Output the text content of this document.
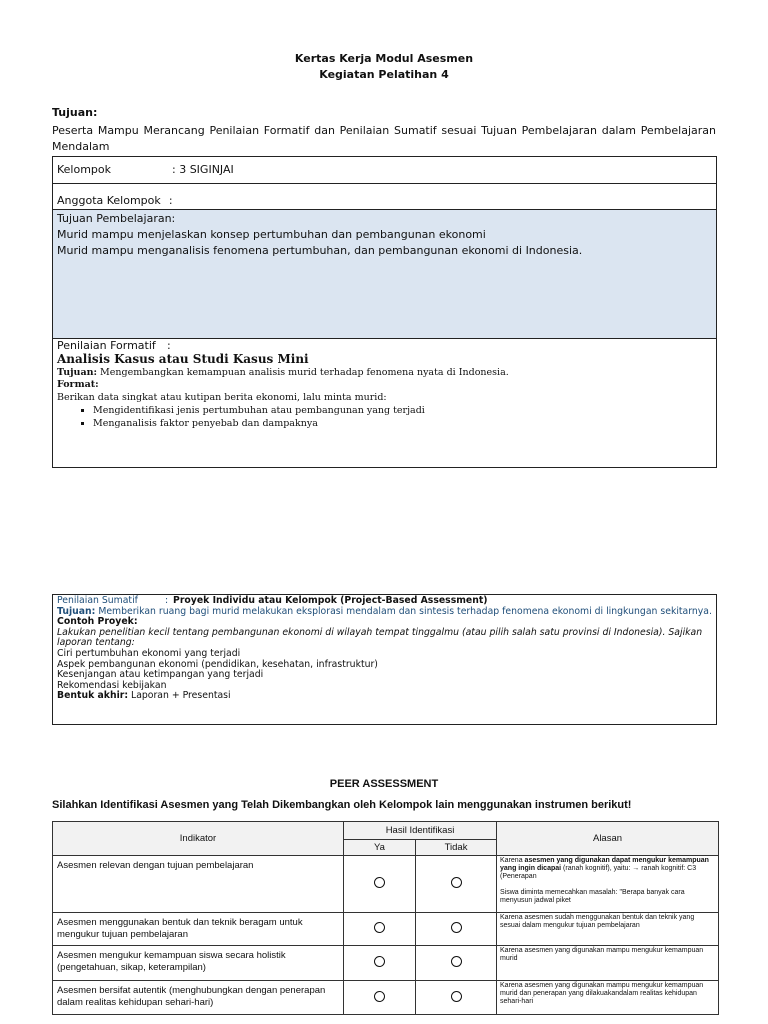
Kertas Kerja Modul Asesmen
Kegiatan Pelatihan 4
Tujuan:
Peserta Mampu Merancang Penilaian Formatif dan Penilaian Sumatif sesuai Tujuan Pembelajaran dalam Pembelajaran Mendalam
Kelompok	: 3 SIGINJAI
Anggota Kelompok :
Tujuan Pembelajaran:
Murid mampu menjelaskan konsep pertumbuhan dan pembangunan ekonomi
Murid mampu menganalisis fenomena pertumbuhan, dan pembangunan ekonomi di Indonesia.
Penilaian Formatif :
Analisis Kasus atau Studi Kasus Mini
Tujuan: Mengembangkan kemampuan analisis murid terhadap fenomena nyata di Indonesia.
Format:
Berikan data singkat atau kutipan berita ekonomi, lalu minta murid:
▪ Mengidentifikasi jenis pertumbuhan atau pembangunan yang terjadi
▪ Menganalisis faktor penyebab dan dampaknya
Penilaian Sumatif	: Proyek Individu atau Kelompok (Project-Based Assessment)
Tujuan: Memberikan ruang bagi murid melakukan eksplorasi mendalam dan sintesis terhadap fenomena ekonomi di lingkungan sekitarnya.
Contoh Proyek:
Lakukan penelitian kecil tentang pembangunan ekonomi di wilayah tempat tinggalmu (atau pilih salah satu provinsi di Indonesia). Sajikan laporan tentang:
Ciri pertumbuhan ekonomi yang terjadi
Aspek pembangunan ekonomi (pendidikan, kesehatan, infrastruktur)
Kesenjangan atau ketimpangan yang terjadi
Rekomendasi kebijakan
Bentuk akhir: Laporan + Presentasi
PEER ASSESSMENT
Silahkan Identifikasi Asesmen yang Telah Dikembangkan oleh Kelompok lain menggunakan instrumen berikut!
Indikator	Hasil Identifikasi		Alasan
	Ya	Tidak	
Asesmen relevan dengan tujuan pembelajaran			Karena asesmen yang digunakan dapat mengukur kemampuan yang ingin dicapai (ranah kognitif), yaitu: → ranah kognitif: C3 (Penerapan
Siswa diminta memecahkan masalah: "Berapa banyak cara menyusun jadwal piket

Asesmen menggunakan bentuk dan teknik beragam untuk mengukur tujuan pembelajaran			Karena asesmen sudah menggunakan bentuk dan teknik yang sesuai dalam mengukur tujuan pembelajaran
Asesmen mengukur kemampuan siswa secara holistik (pengetahuan, sikap, keterampilan)			Karena asesmen yang digunakan mampu mengukur kemampuan murid
Asesmen bersifat autentik (menghubungkan dengan penerapan dalam realitas kehidupan sehari-hari)			Karena asesmen yang digunakan mampu mengukur kemampuan murid dan penerapan yang dilakuakandalam realitas kehidupan sehari-hari
